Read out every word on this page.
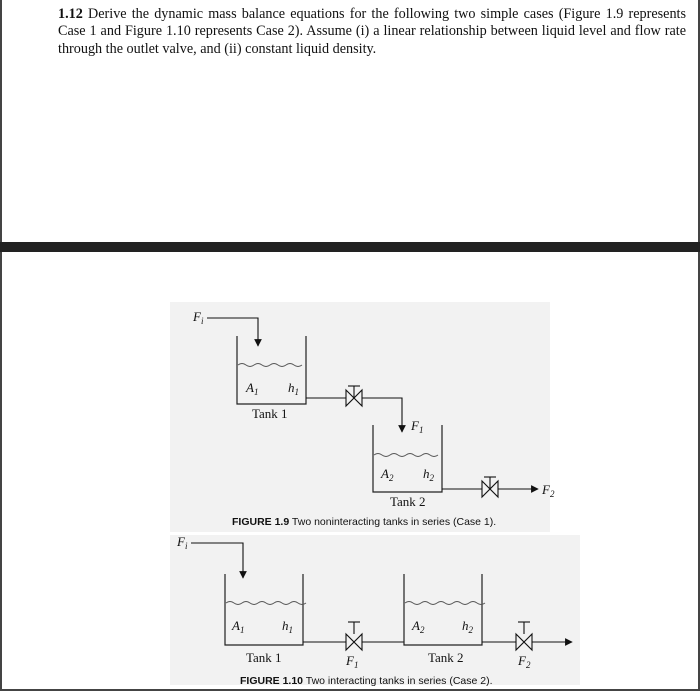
1.12 Derive the dynamic mass balance equations for the following two simple cases (Figure 1.9 represents Case 1 and Figure 1.10 represents Case 2). Assume (i) a linear relationship between liquid level and flow rate through the outlet valve, and (ii) constant liquid density.

$F_i$
$A_1$ $h_1$
Tank 1
$F_1$
$A_2$ $h_2$
Tank 2
$F_2$
FIGURE 1.9 Two noninteracting tanks in series (Case 1).
$F_i$
$A_1$	$h_1$
Tank 1	$F_1$
$A_2$	$h_2$
Tank 2	$F_2$
FIGURE 1.10 Two interacting tanks in series (Case 2).
